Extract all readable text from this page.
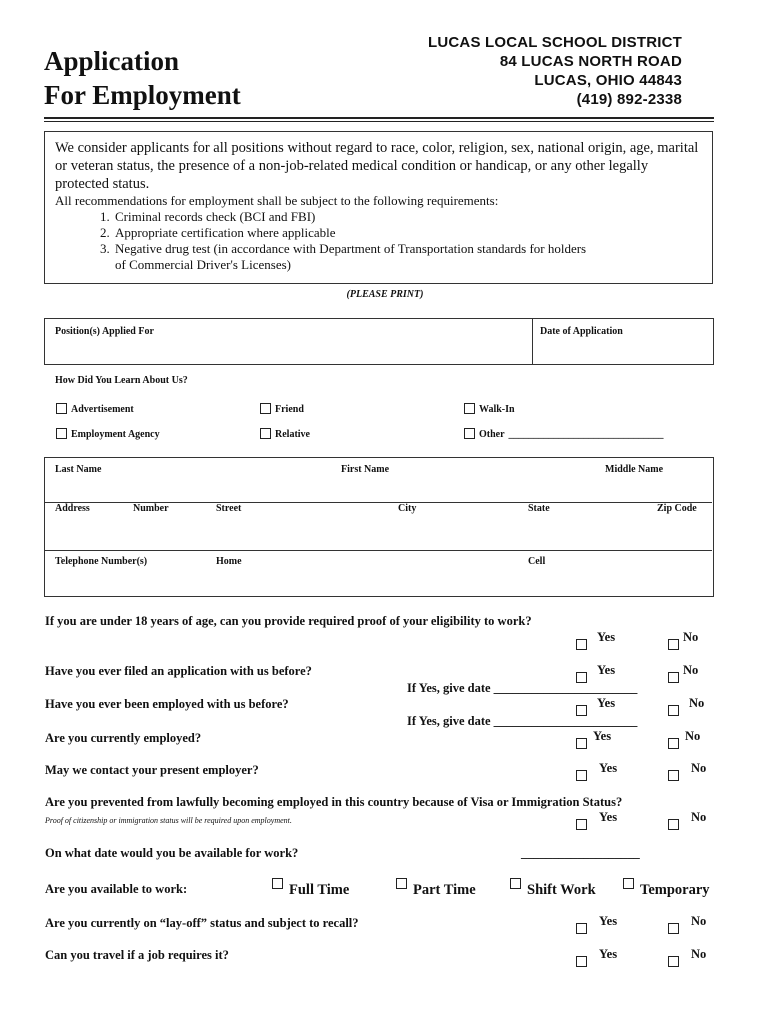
Application
For Employment
LUCAS LOCAL SCHOOL DISTRICT
84 LUCAS NORTH ROAD
LUCAS, OHIO 44843
(419) 892-2338
We consider applicants for all positions without regard to race, color, religion, sex, national origin, age, marital or veteran status, the presence of a non-job-related medical condition or handicap, or any other legally protected status.
All recommendations for employment shall be subject to the following requirements:
1. Criminal records check (BCI and FBI)
2. Appropriate certification where applicable
3. Negative drug test (in accordance with Department of Transportation standards for holders
of Commercial Driver's Licenses)
(PLEASE PRINT)
Position(s) Applied For	Date of Application
How Did You Learn About Us?
Advertisement	Friend	Walk-In
Employment Agency	Relative	Other _______________________________
Last Name	First Name	Middle Name
Address	Number	Street	City	State	Zip Code
Telephone Number(s)	Home	Cell
If you are under 18 years of age, can you provide required proof of your eligibility to work?
$^{Yes}$	$^{No}$
Have you ever filed an application with us before?	$^{Yes}$	$^{No}$
If Yes, give date _______________________
Have you ever been employed with us before?	$^{Yes}$	$^{No}$
If Yes, give date _______________________
Are you currently employed?	$^{Yes}$	$^{No}$
May we contact your present employer?	$^{Yes}$	$^{No}$
Are you prevented from lawfully becoming employed in this country because of Visa or Immigration Status?
Proof of citizenship or immigration status will be required upon employment.	$^{Yes}$	$^{No}$
On what date would you be available for work?	___________________
Are you available to work:	Full Time	Part Time	Shift Work	Temporary
Are you currently on “lay-off” status and subject to recall?	$^{Yes}$	$^{No}$
Can you travel if a job requires it?	$^{Yes}$	$^{No}$
